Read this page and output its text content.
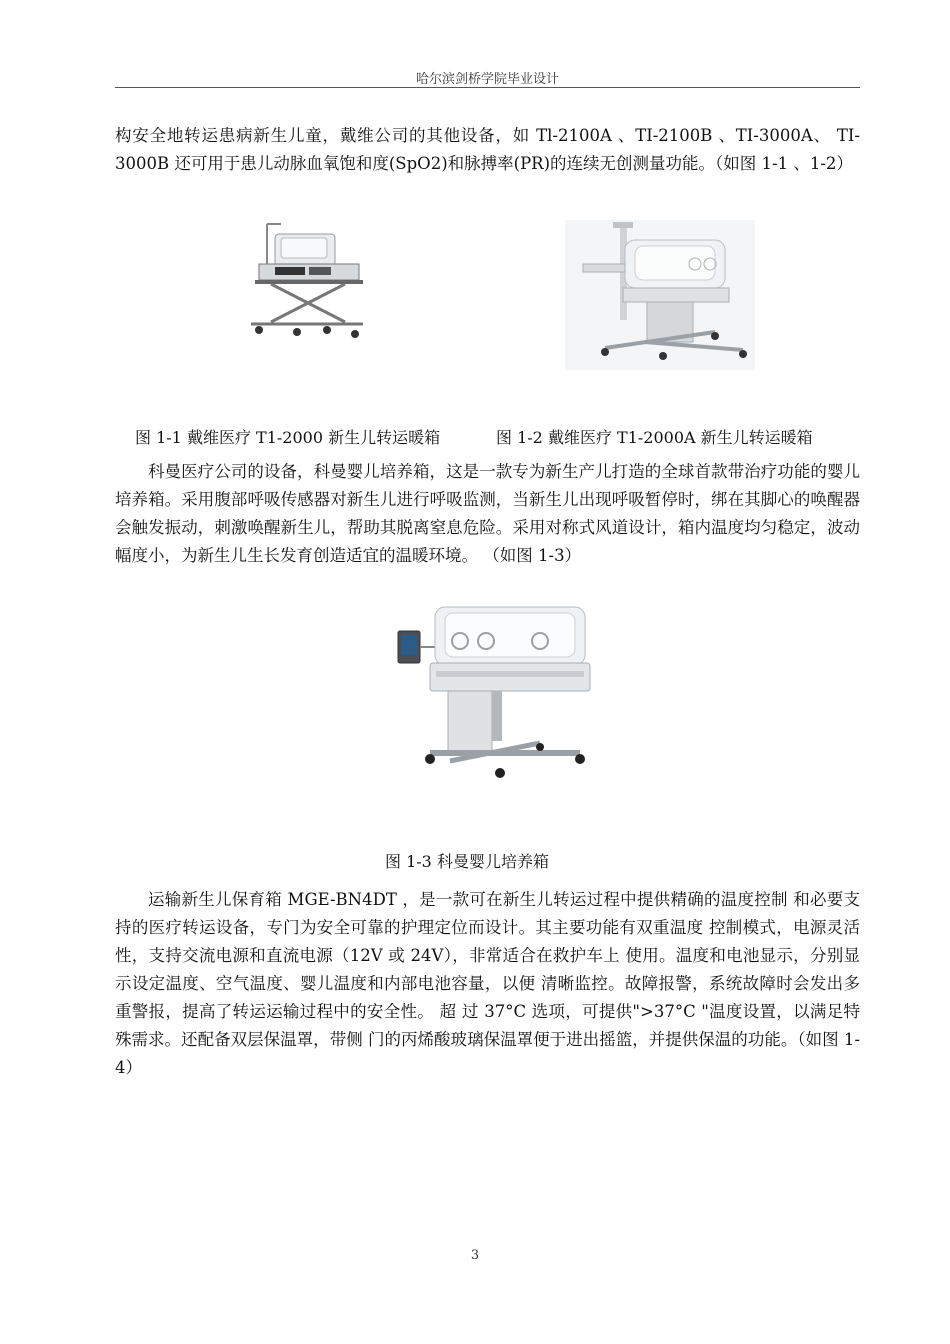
哈尔滨剑桥学院毕业设计

构安全地转运患病新生儿童，戴维公司的其他设备，如 Tl-2100A 、TI-2100B 、TI-3000A、 TI-3000B 还可用于患儿动脉血氧饱和度(SpO2)和脉搏率(PR)的连续无创测量功能。（如图 1-1 、1-2）

图 1-1 戴维医疗 T1-2000 新生儿转运暖箱	图 1-2 戴维医疗 T1-2000A 新生儿转运暖箱

科曼医疗公司的设备，科曼婴儿培养箱，这是一款专为新生产儿打造的全球首款带治疗功能的婴儿培养箱。采用腹部呼吸传感器对新生儿进行呼吸监测，当新生儿出现呼吸暂停时，绑在其脚心的唤醒器会触发振动，刺激唤醒新生儿，帮助其脱离窒息危险。采用对称式风道设计，箱内温度均匀稳定，波动幅度小，为新生儿生长发育创造适宜的温暖环境。 （如图 1-3）

图 1-3 科曼婴儿培养箱

运输新生儿保育箱 MGE-BN4DT ，是一款可在新生儿转运过程中提供精确的温度控制 和必要支持的医疗转运设备，专门为安全可靠的护理定位而设计。其主要功能有双重温度 控制模式，电源灵活性，支持交流电源和直流电源（12V 或 24V），非常适合在救护车上 使用。温度和电池显示，分别显示设定温度、空气温度、婴儿温度和内部电池容量，以便 清晰监控。故障报警，系统故障时会发出多重警报，提高了转运运输过程中的安全性。 超 过 37°C 选项，可提供">37°C "温度设置，以满足特殊需求。还配备双层保温罩，带侧 门的丙烯酸玻璃保温罩便于进出摇篮，并提供保温的功能。（如图 1-4）

3
